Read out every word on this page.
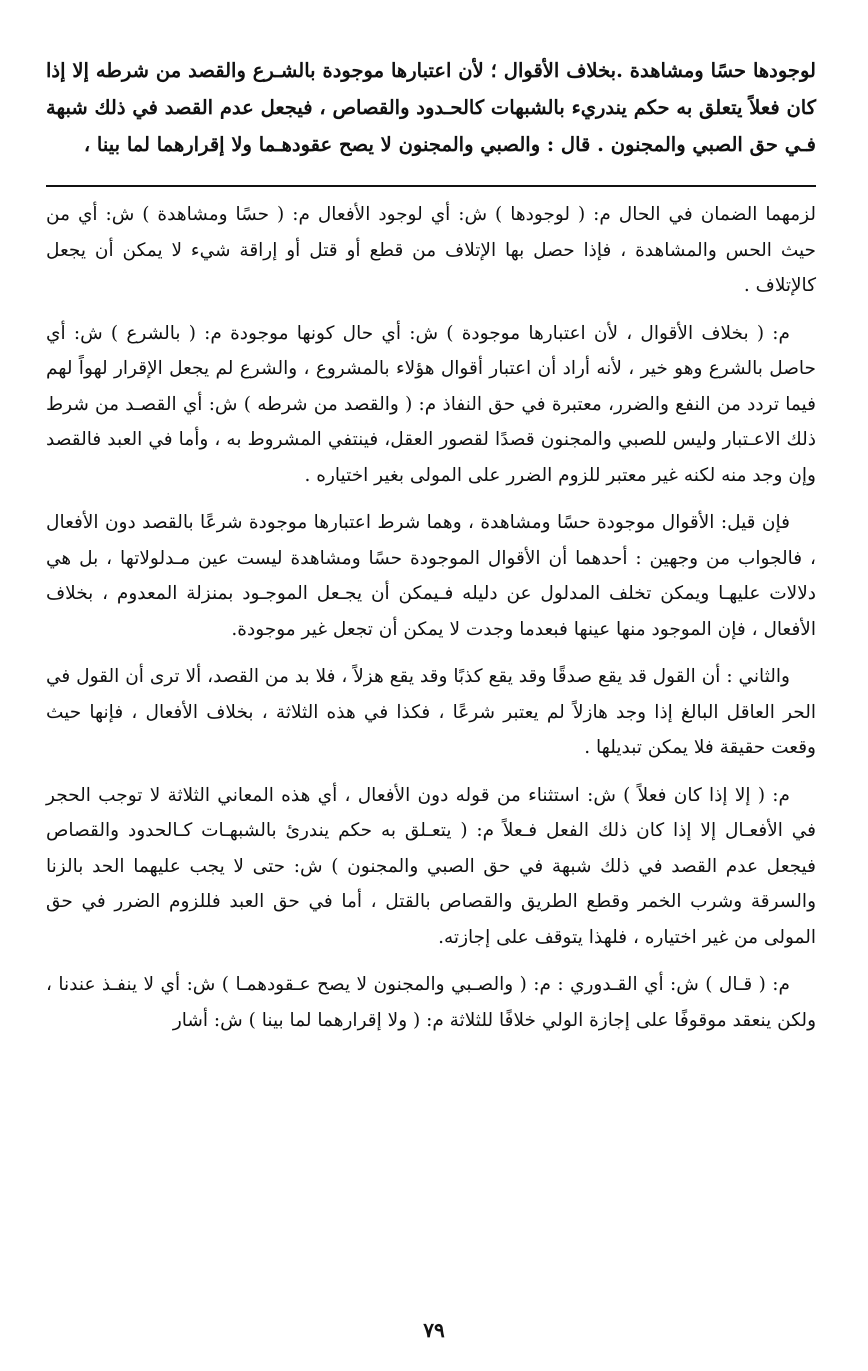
لوجودها حسًا ومشاهدة .بخلاف الأقوال ؛ لأن اعتبارها موجودة بالشـرع والقصد من شرطه إلا إذا كان فعلاً يتعلق به حكم يندريء بالشبهات كالحـدود والقصاص ، فيجعل عدم القصد في ذلك شبهة فـي حق الصبي والمجنون . قال : والصبي والمجنون لا يصح عقودهـما ولا إقرارهما لما بينا ،

لزمهما الضمان في الحال م: ( لوجودها ) ش: أي لوجود الأفعال م: ( حسًا ومشاهدة ) ش: أي من حيث الحس والمشاهدة ، فإذا حصل بها الإتلاف من قطع أو قتل أو إراقة شيء لا يمكن أن يجعل كالإتلاف .

م: ( بخلاف الأقوال ، لأن اعتبارها موجودة ) ش: أي حال كونها موجودة م: ( بالشرع ) ش: أي حاصل بالشرع وهو خير ، لأنه أراد أن اعتبار أقوال هؤلاء بالمشروع ، والشرع لم يجعل الإقرار لهواً لهم فيما تردد من النفع والضرر، معتبرة في حق النفاذ م: ( والقصد من شرطه ) ش: أي القصـد من شرط ذلك الاعـتبار وليس للصبي والمجنون قصدًا لقصور العقل، فينتفي المشروط به ، وأما في العبد فالقصد وإن وجد منه لكنه غير معتبر للزوم الضرر على المولى بغير اختياره .

فإن قيل: الأقوال موجودة حسًا ومشاهدة ، وهما شرط اعتبارها موجودة شرعًا بالقصد دون الأفعال ، فالجواب من وجهين : أحدهما أن الأقوال الموجودة حسًا ومشاهدة ليست عين مـدلولاتها ، بل هي دلالات عليهـا ويمكن تخلف المدلول عن دليله فـيمكن أن يجـعل الموجـود بمنزلة المعدوم ، بخلاف الأفعال ، فإن الموجود منها عينها فبعدما وجدت لا يمكن أن تجعل غير موجودة.

والثاني : أن القول قد يقع صدقًا وقد يقع كذبًا وقد يقع هزلاً ، فلا بد من القصد، ألا ترى أن القول في الحر العاقل البالغ إذا وجد هازلاً لم يعتبر شرعًا ، فكذا في هذه الثلاثة ، بخلاف الأفعال ، فإنها حيث وقعت حقيقة فلا يمكن تبديلها .

م: ( إلا إذا كان فعلاً ) ش: استثناء من قوله دون الأفعال ، أي هذه المعاني الثلاثة لا توجب الحجر في الأفعـال إلا إذا كان ذلك الفعل فـعلاً م: ( يتعـلق به حكم يندرئ بالشبهـات كـالحدود والقصاص فيجعل عدم القصد في ذلك شبهة في حق الصبي والمجنون ) ش: حتى لا يجب عليهما الحد بالزنا والسرقة وشرب الخمر وقطع الطريق والقصاص بالقتل ، أما في حق العبد فللزوم الضرر في حق المولى من غير اختياره ، فلهذا يتوقف على إجازته.

م: ( قـال ) ش: أي القـدوري : م: ( والصـبي والمجنون لا يصح عـقودهمـا ) ش: أي لا ينفـذ عندنا ، ولكن ينعقد موقوفًا على إجازة الولي خلافًا للثلاثة م: ( ولا إقرارهما لما بينا ) ش: أشار

٧٩
